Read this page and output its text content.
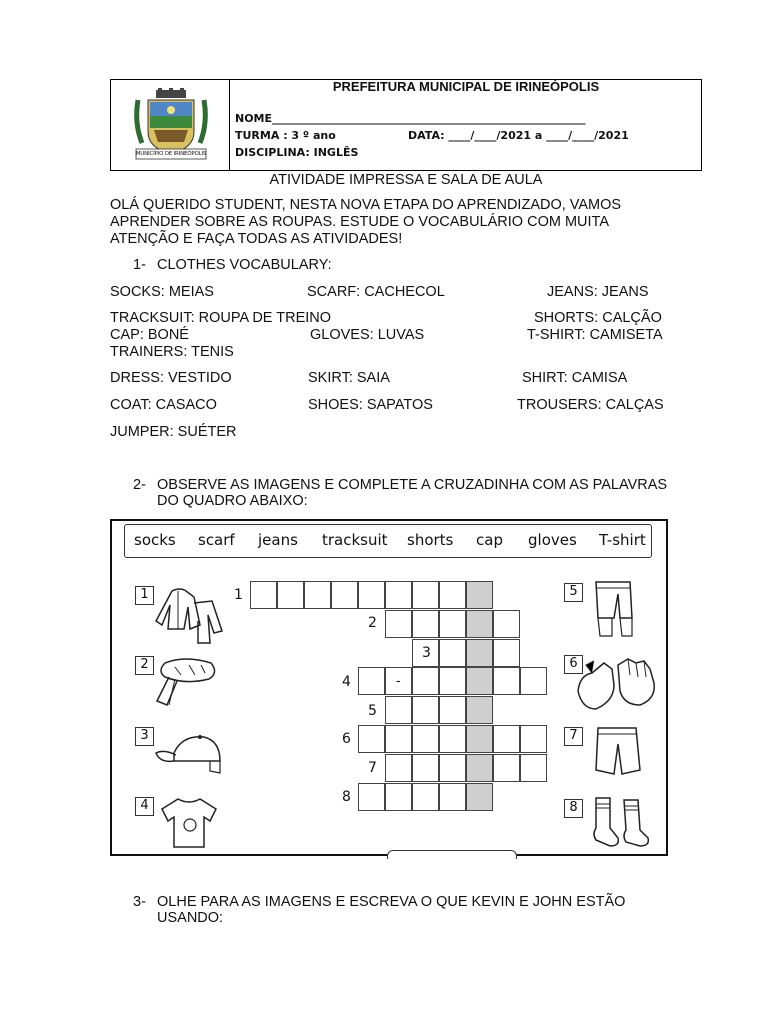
MUNICÍPIO DE IRINEÓPOLIS
PREFEITURA MUNICIPAL DE IRINEÓPOLIS
NOME_________________________________________________________
TURMA : 3 º ano	DATA: ____/____/2021 a ____/____/2021
DISCIPLINA: INGLÊS
ATIVIDADE IMPRESSA E SALA DE AULA
OLÁ QUERIDO STUDENT, NESTA NOVA ETAPA DO APRENDIZADO, VAMOS
APRENDER SOBRE AS ROUPAS. ESTUDE O VOCABULÁRIO COM MUITA
ATENÇÃO E FAÇA TODAS AS ATIVIDADES!
1- CLOTHES VOCABULARY:
SOCKS: MEIAS	SCARF: CACHECOL	JEANS: JEANS
TRACKSUIT: ROUPA DE TREINO	SHORTS: CALÇÃO
CAP: BONÉ	GLOVES: LUVAS	T-SHIRT: CAMISETA
TRAINERS: TENIS
DRESS: VESTIDO	SKIRT: SAIA	SHIRT: CAMISA
COAT: CASACO	SHOES: SAPATOS	TROUSERS: CALÇAS
JUMPER: SUÉTER
2- OBSERVE AS IMAGENS E COMPLETE A CRUZADINHA COM AS PALAVRAS
DO QUADRO ABAIXO:
socks scarf jeans tracksuit shorts cap gloves T-shirt
1
2
3
4
5
6
7
8
-
1
2
3
4
5
6
7
8
3- OLHE PARA AS IMAGENS E ESCREVA O QUE KEVIN E JOHN ESTÃO
USANDO:
